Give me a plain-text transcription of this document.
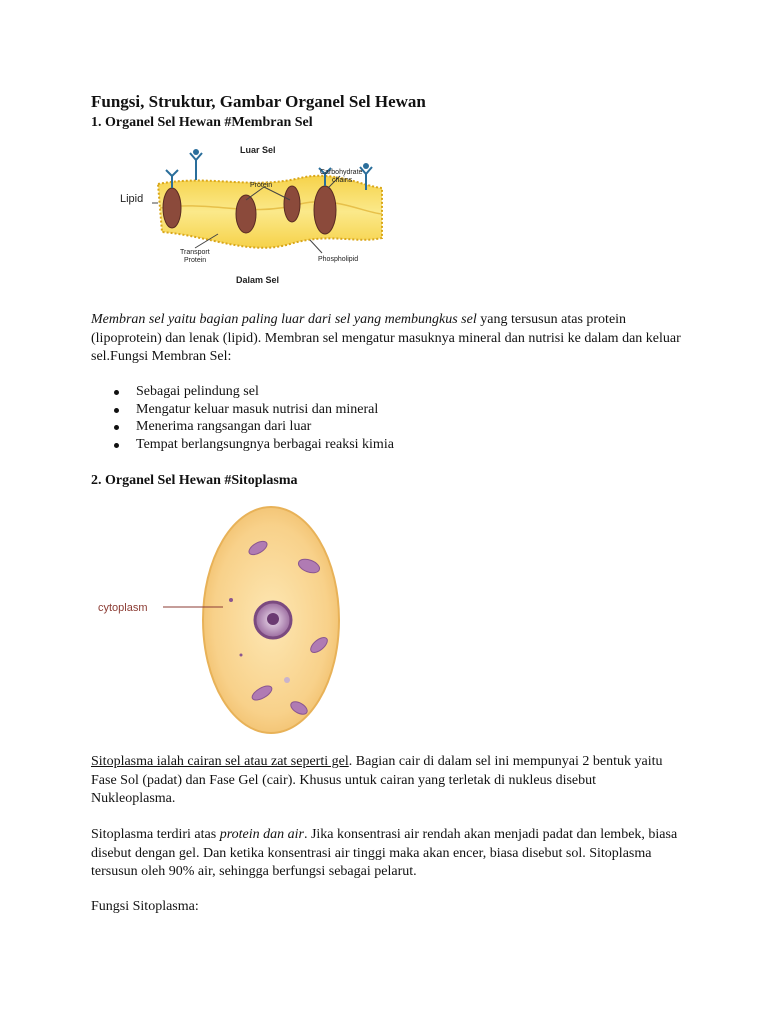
Fungsi, Struktur, Gambar Organel Sel Hewan
1. Organel Sel Hewan #Membran Sel
Luar Sel
Dalam Sel
Lipid
Protein
Carbohydrate
chains
Transport
Protein	Phospholipid

Membran sel yaitu bagian paling luar dari sel yang membungkus sel yang tersusun atas protein (lipoprotein) dan lenak (lipid). Membran sel mengatur masuknya mineral dan nutrisi ke dalam dan keluar sel.Fungsi Membran Sel:

Sebagai pelindung sel
Mengatur keluar masuk nutrisi dan mineral
Menerima rangsangan dari luar
Tempat berlangsungnya berbagai reaksi kimia
2. Organel Sel Hewan #Sitoplasma
cytoplasm

Sitoplasma ialah cairan sel atau zat seperti gel. Bagian cair di dalam sel ini mempunyai 2 bentuk yaitu Fase Sol (padat) dan Fase Gel (cair). Khusus untuk cairan yang terletak di nukleus disebut Nukleoplasma.

Sitoplasma terdiri atas protein dan air. Jika konsentrasi air rendah akan menjadi padat dan lembek, biasa disebut dengan gel. Dan ketika konsentrasi air tinggi maka akan encer, biasa disebut sol. Sitoplasma tersusun oleh 90% air, sehingga berfungsi sebagai pelarut.

Fungsi Sitoplasma:
